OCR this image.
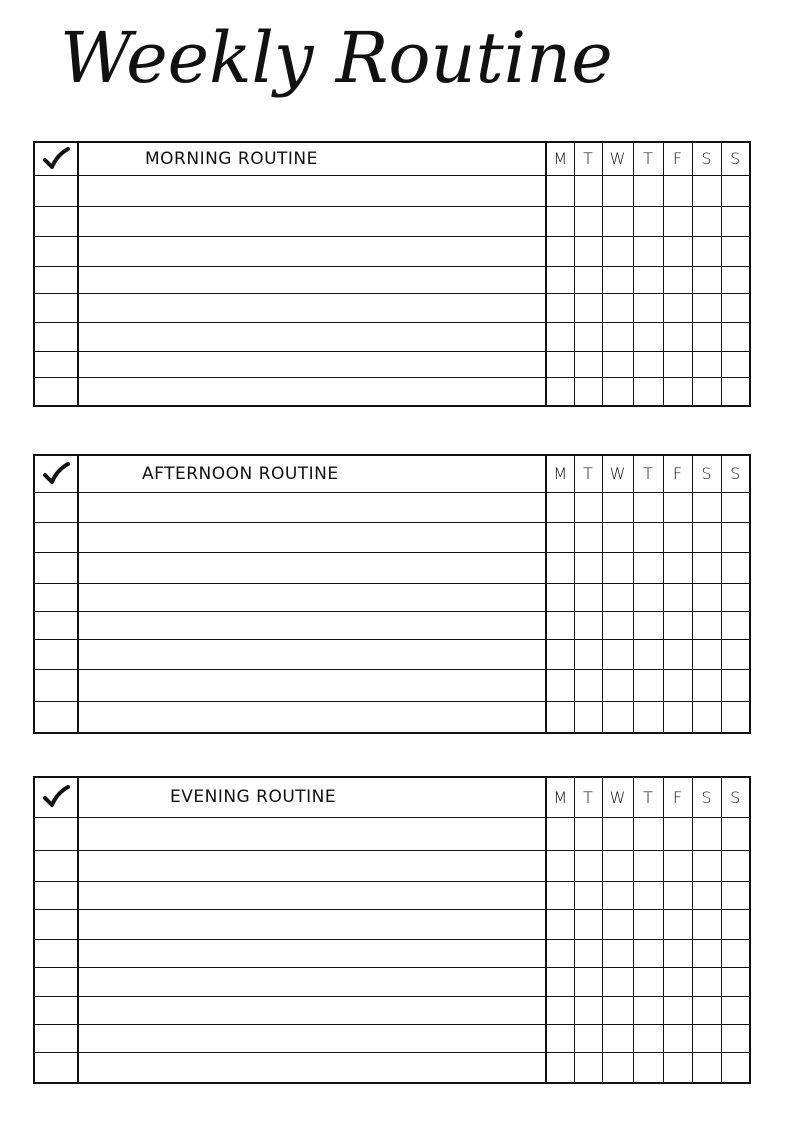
Weekly Routine
	MORNING ROUTINE	M	T	W	T	F	S	S

	AFTERNOON ROUTINE	M	T	W	T	F	S	S

	EVENING ROUTINE	M	T	W	T	F	S	S
